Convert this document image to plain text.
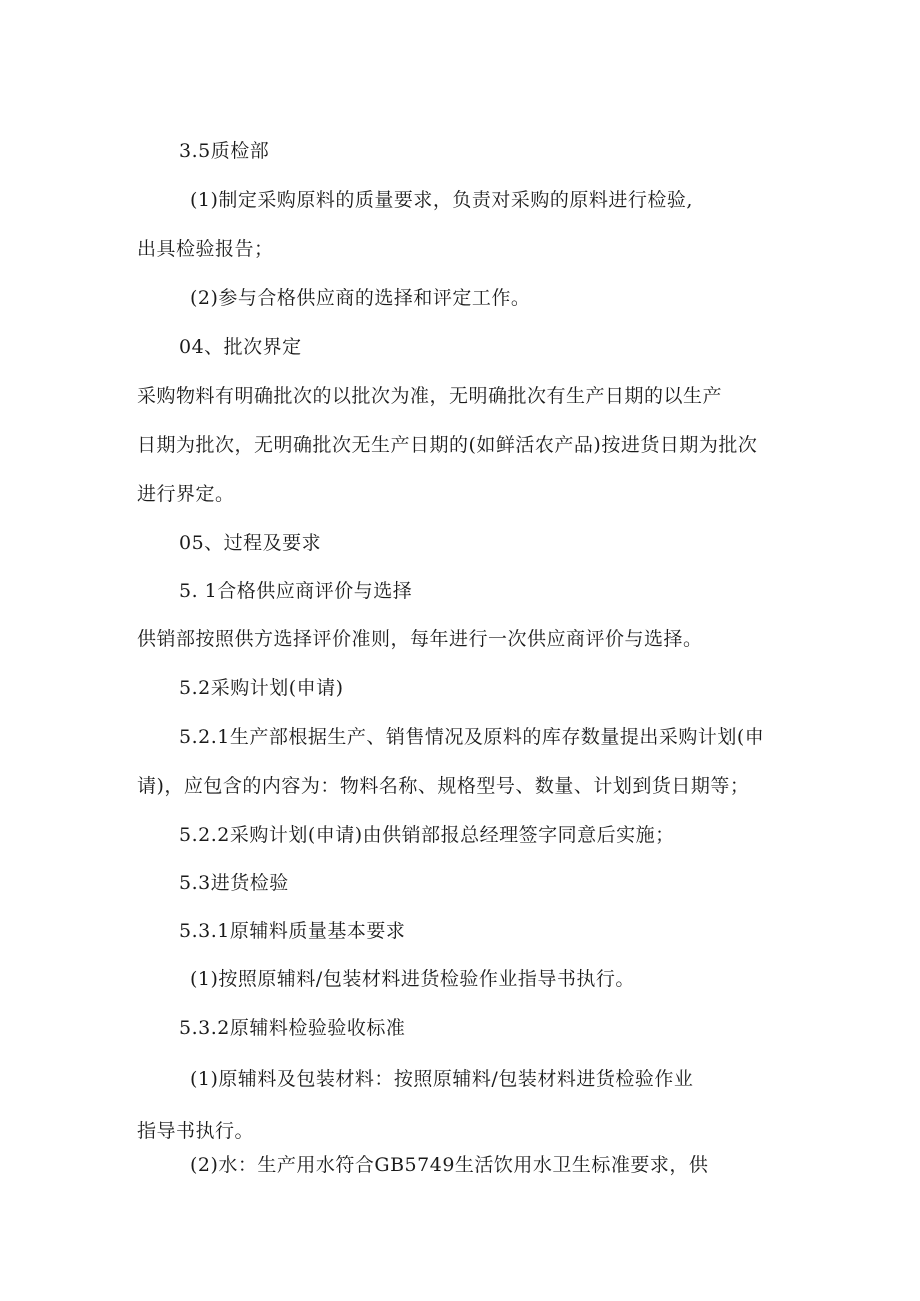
3.5质检部
(1)制定采购原料的质量要求，负责对采购的原料进行检验,
出具检验报告；
(2)参与合格供应商的选择和评定工作。
04、批次界定
采购物料有明确批次的以批次为准，无明确批次有生产日期的以生产
日期为批次，无明确批次无生产日期的(如鲜活农产品)按进货日期为批次
进行界定。
05、过程及要求
5. 1合格供应商评价与选择
供销部按照供方选择评价准则，每年进行一次供应商评价与选择。
5.2采购计划(申请)
5.2.1生产部根据生产、销售情况及原料的库存数量提出采购计划(申
请)，应包含的内容为：物料名称、规格型号、数量、计划到货日期等；
5.2.2采购计划(申请)由供销部报总经理签字同意后实施；
5.3进货检验
5.3.1原辅料质量基本要求
(1)按照原辅料/包装材料进货检验作业指导书执行。
5.3.2原辅料检验验收标准
(1)原辅料及包装材料：按照原辅料/包装材料进货检验作业
指导书执行。
(2)水：生产用水符合GB5749生活饮用水卫生标准要求，供
